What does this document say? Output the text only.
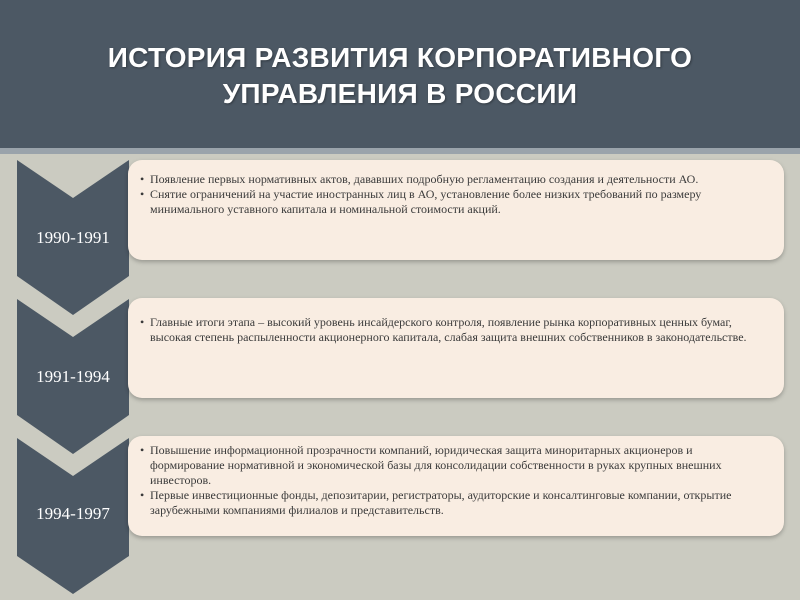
ИСТОРИЯ РАЗВИТИЯ КОРПОРАТИВНОГО
УПРАВЛЕНИЯ В РОССИИ
1990-1991
• Появление первых нормативных актов, дававших подробную регламентацию создания и деятельности АО.
• Снятие ограничений на участие иностранных лиц в АО, установление более низких требований по размеру минимального уставного капитала и номинальной стоимости акций.
1991-1994
• Главные итоги этапа – высокий уровень инсайдерского контроля, появление рынка корпоративных ценных бумаг, высокая степень распыленности акционерного капитала, слабая защита внешних собственников в законодательстве.
1994-1997
• Повышение информационной прозрачности компаний, юридическая защита миноритарных акционеров и формирование нормативной и экономической базы для консолидации собственности в руках крупных внешних инвесторов.
• Первые инвестиционные фонды, депозитарии, регистраторы, аудиторские и консалтинговые компании, открытие зарубежными компаниями филиалов и представительств.
